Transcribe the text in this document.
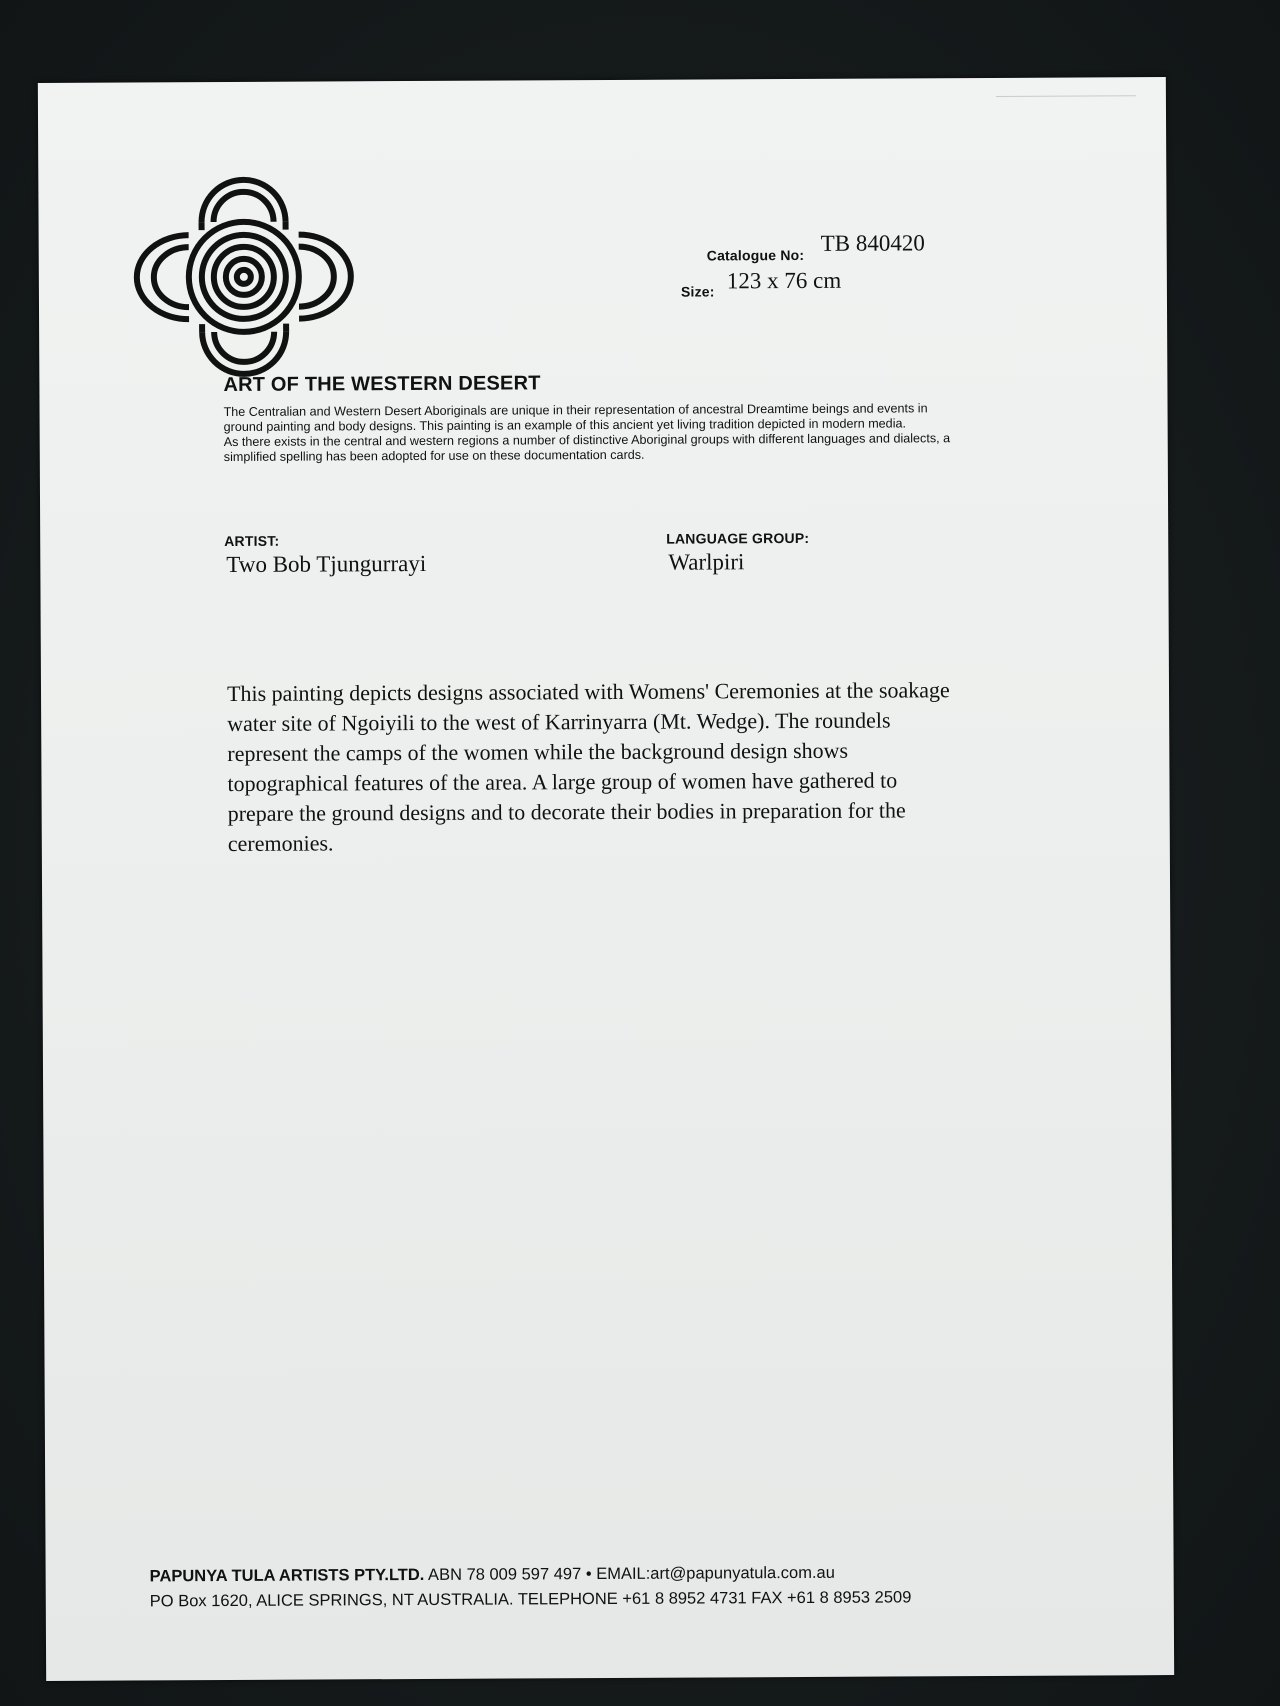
Catalogue No: TB 840420
Size: 123 x 76 cm
ART OF THE WESTERN DESERT

The Centralian and Western Desert Aboriginals are unique in their representation of ancestral Dreamtime beings and events in ground painting and body designs. This painting is an example of this ancient yet living tradition depicted in modern media.

As there exists in the central and western regions a number of distinctive Aboriginal groups with different languages and dialects, a simplified spelling has been adopted for use on these documentation cards.

ARTIST:
Two Bob Tjungurrayi
LANGUAGE GROUP:
Warlpiri
This painting depicts designs associated with Womens' Ceremonies at the soakage water site of Ngoiyili to the west of Karrinyarra (Mt. Wedge). The roundels represent the camps of the women while the background design shows topographical features of the area. A large group of women have gathered to prepare the ground designs and to decorate their bodies in preparation for the ceremonies.
PAPUNYA TULA ARTISTS PTY.LTD. ABN 78 009 597 497 • EMAIL:art@papunyatula.com.au
PO Box 1620, ALICE SPRINGS, NT AUSTRALIA. TELEPHONE +61 8 8952 4731 FAX +61 8 8953 2509
